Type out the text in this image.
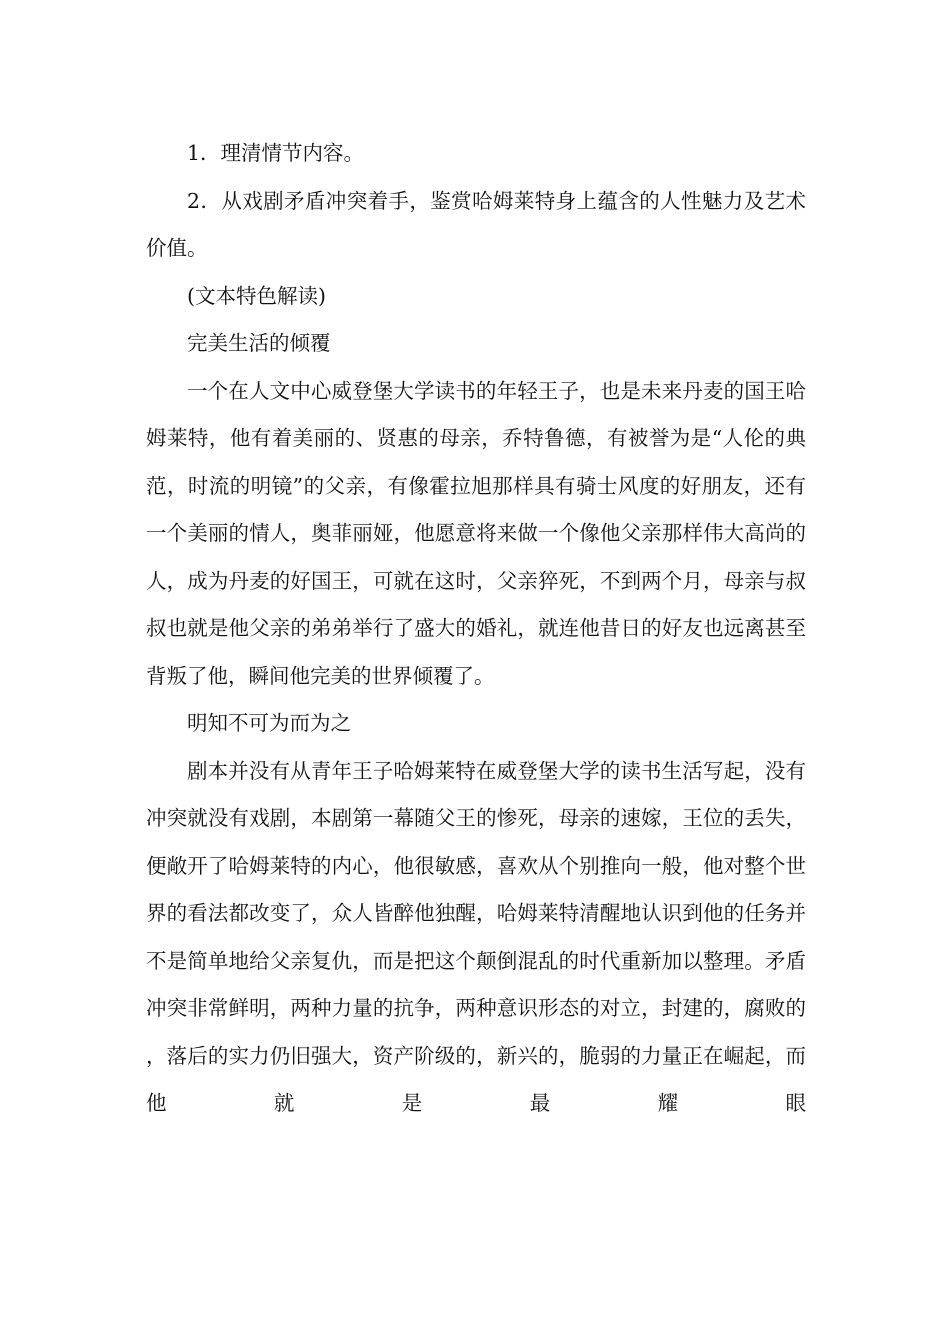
1．理清情节内容。

2．从戏剧矛盾冲突着手，鉴赏哈姆莱特身上蕴含的人性魅力及艺术价值。

(文本特色解读)

完美生活的倾覆

一个在人文中心威登堡大学读书的年轻王子，也是未来丹麦的国王哈姆莱特，他有着美丽的、贤惠的母亲，乔特鲁德，有被誉为是“人伦的典范，时流的明镜”的父亲，有像霍拉旭那样具有骑士风度的好朋友，还有一个美丽的情人，奥菲丽娅，他愿意将来做一个像他父亲那样伟大高尚的人，成为丹麦的好国王，可就在这时，父亲猝死，不到两个月，母亲与叔叔也就是他父亲的弟弟举行了盛大的婚礼，就连他昔日的好友也远离甚至背叛了他，瞬间他完美的世界倾覆了。

明知不可为而为之

剧本并没有从青年王子哈姆莱特在威登堡大学的读书生活写起，没有冲突就没有戏剧，本剧第一幕随父王的惨死，母亲的速嫁，王位的丢失，便敞开了哈姆莱特的内心，他很敏感，喜欢从个别推向一般，他对整个世界的看法都改变了，众人皆醉他独醒，哈姆莱特清醒地认识到他的任务并不是简单地给父亲复仇，而是把这个颠倒混乱的时代重新加以整理。矛盾冲突非常鲜明，两种力量的抗争，两种意识形态的对立，封建的，腐败的，落后的实力仍旧强大，资产阶级的，新兴的，脆弱的力量正在崛起，而他就是最耀眼
